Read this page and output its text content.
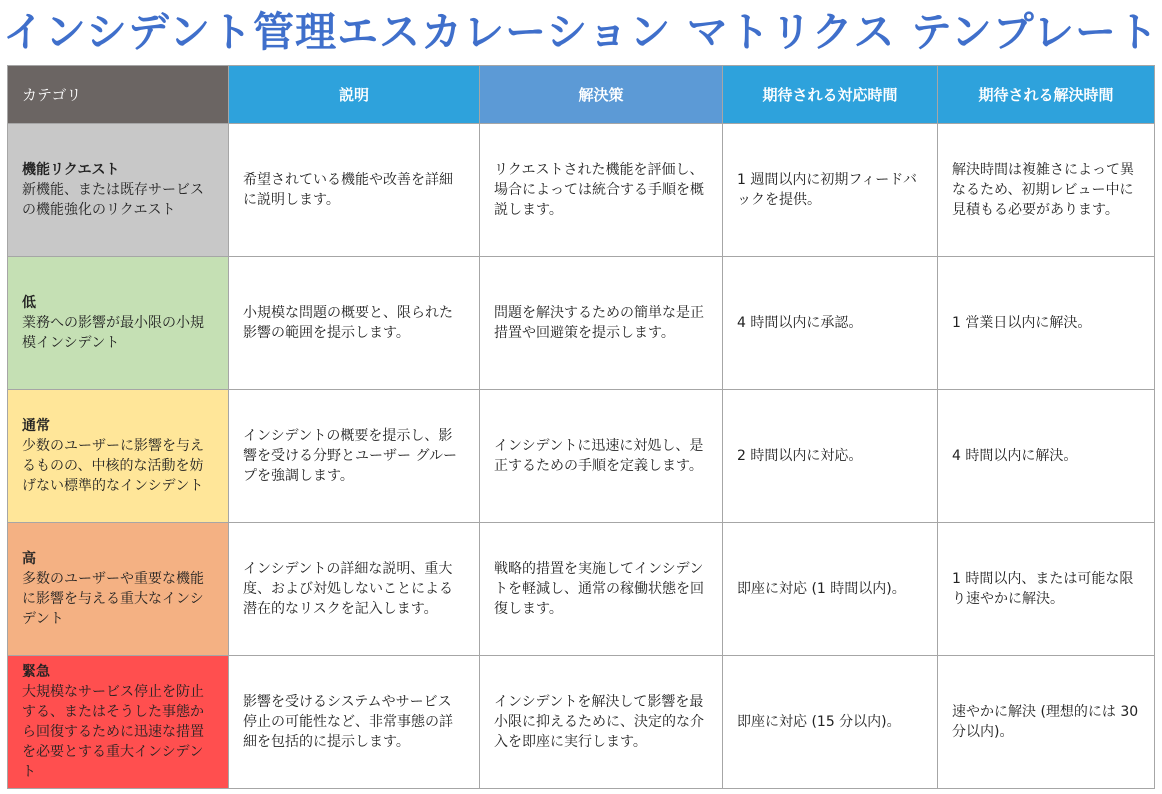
インシデント管理エスカレーション マトリクス テンプレート
カテゴリ	説明	解決策	期待される対応時間	期待される解決時間

機能リクエスト
新機能、または既存サービスの機能強化のリクエスト	希望されている機能や改善を詳細に説明します。	リクエストされた機能を評価し、場合によっては統合する手順を概説します。	1 週間以内に初期フィードバックを提供。	解決時間は複雑さによって異なるため、初期レビュー中に見積もる必要があります。

低
業務への影響が最小限の小規模インシデント	小規模な問題の概要と、限られた影響の範囲を提示します。	問題を解決するための簡単な是正措置や回避策を提示します。	4 時間以内に承認。	1 営業日以内に解決。

通常
少数のユーザーに影響を与えるものの、中核的な活動を妨げない標準的なインシデント	インシデントの概要を提示し、影響を受ける分野とユーザー グループを強調します。	インシデントに迅速に対処し、是正するための手順を定義します。	2 時間以内に対応。	4 時間以内に解決。

高
多数のユーザーや重要な機能に影響を与える重大なインシデント	インシデントの詳細な説明、重大度、および対処しないことによる潜在的なリスクを記入します。	戦略的措置を実施してインシデントを軽減し、通常の稼働状態を回復します。	即座に対応 (1 時間以内)。	1 時間以内、または可能な限り速やかに解決。

緊急
大規模なサービス停止を防止する、またはそうした事態から回復するために迅速な措置を必要とする重大インシデント	影響を受けるシステムやサービス停止の可能性など、非常事態の詳細を包括的に提示します。	インシデントを解決して影響を最小限に抑えるために、決定的な介入を即座に実行します。	即座に対応 (15 分以内)。	速やかに解決 (理想的には 30 分以内)。
